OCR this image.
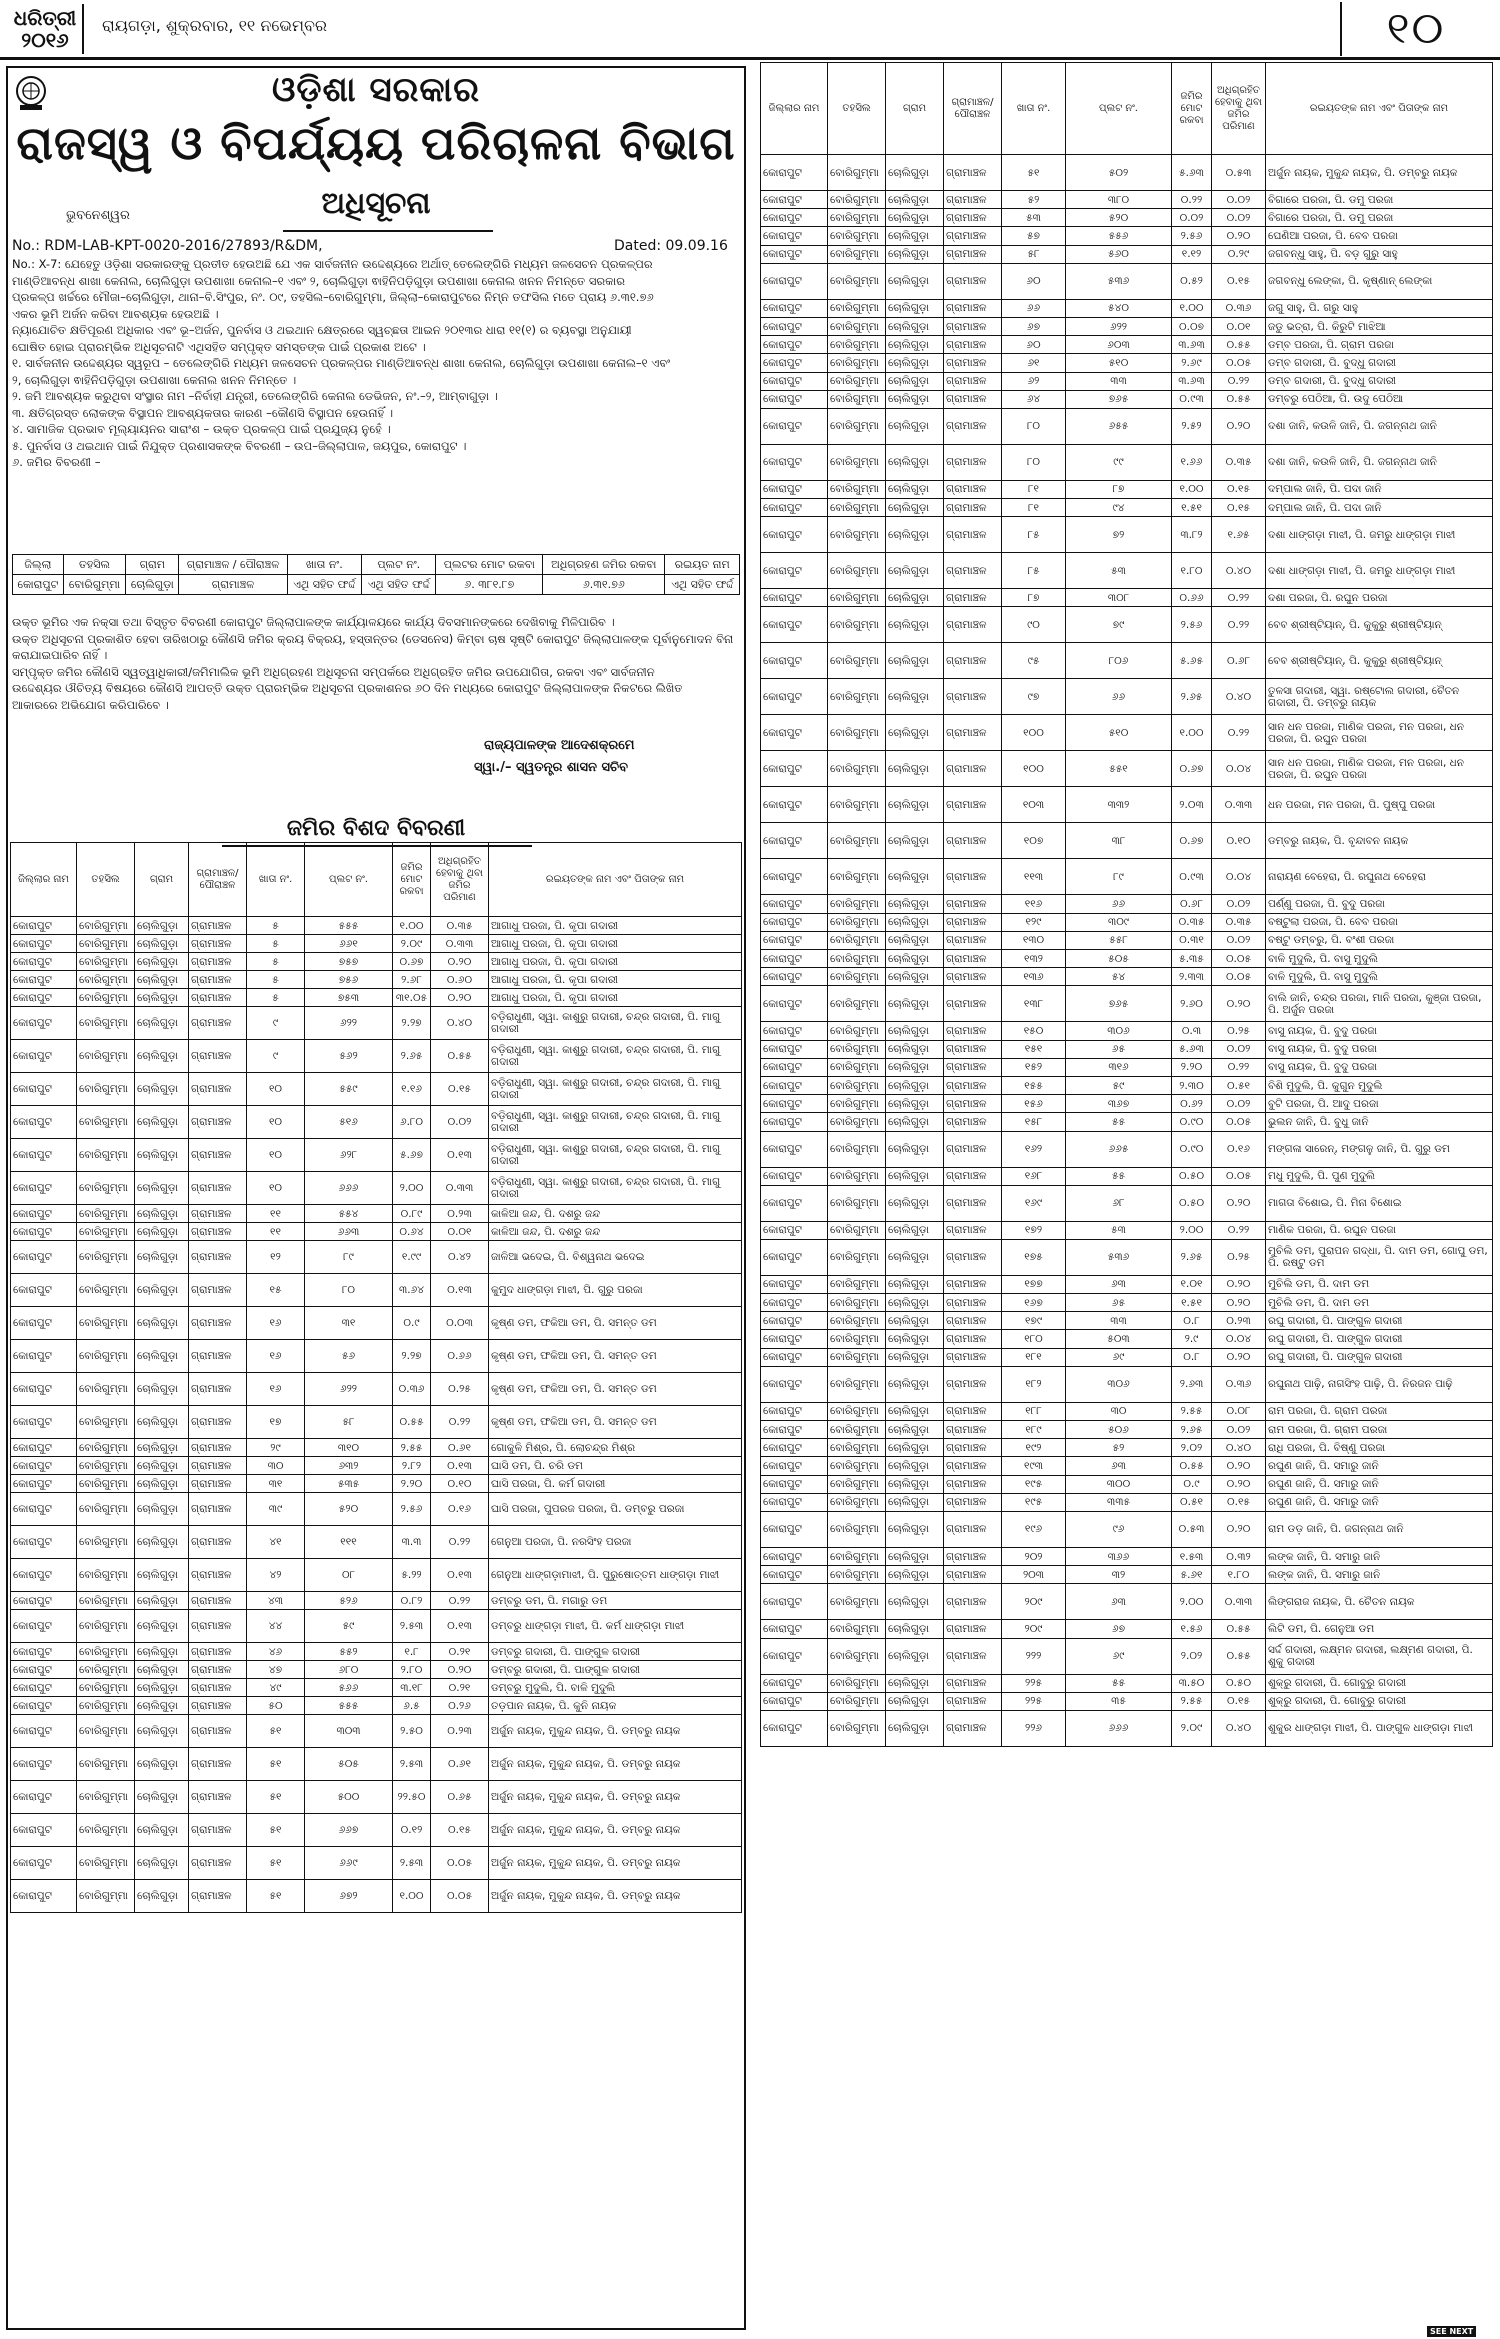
ଧରିତ୍ରୀ
୨୦୧୬
ରାୟଗଡ଼ା, ଶୁକ୍ରବାର, ୧୧ ନଭେମ୍ବର	୧୦
ଓଡ଼ିଶା ସରକାର
ରାଜସ୍ୱ ଓ ବିପର୍ଯ୍ୟୟ ପରିଚାଳନା ବିଭାଗ
ଭୁବନେଶ୍ୱର	ଅଧିସୂଚନା
No.: RDM-LAB-KPT-0020-2016/27893/R&DM,	Dated: 09.09.16

No.: X-7: ଯେହେତୁ ଓଡ଼ିଶା ସରକାରଙ୍କୁ ପ୍ରତୀତ ହେଉଅଛି ଯେ ଏକ ସାର୍ବଜନୀନ ଉଦ୍ଦେଶ୍ୟରେ ଅର୍ଥାତ୍ ତେଲେଙ୍ଗିରି ମଧ୍ୟମ ଜଳସେଚନ ପ୍ରକଳ୍ପର

ମାଣ୍ଡିଆବନ୍ଧ ଶାଖା କେନାଲ, ଚୋଲିଗୁଡ଼ା ଉପଶାଖା କେନାଲ–୧ ଏବଂ ୨, ଚୋଲିଗୁଡ଼ା ଵାହିନିପଡ଼ିଗୁଡ଼ା ଉପଶାଖା କେନାଲ ଖନନ ନିମନ୍ତେ ସରକାର

ପ୍ରକଳ୍ପ ଖର୍ଚ୍ଚରେ ମୌଜା–ଚୋଲିଗୁଡ଼ା, ଥାନା–ବି.ସିଂପୁର, ନଂ. ୦୯, ତହସିଲ–ବୋରିଗୁମ୍ମା, ଜିଲ୍ଲା–କୋରାପୁଟରେ ନିମ୍ନ ତଫସିଲ ମତେ ପ୍ରାୟ ୬.୩୧.୭୬

ଏକର ଭୂମି ଅର୍ଜନ କରିବା ଆବଶ୍ୟକ ହେଉଅଛି ।

ନ୍ୟାଯୋଚିତ କ୍ଷତିପୂରଣ ଅଧିକାର ଏବଂ ଭୂ–ଅର୍ଜନ, ପୁନର୍ବାସ ଓ ଥଇଥାନ କ୍ଷେତ୍ରରେ ସ୍ୱଚ୍ଛତା ଆଇନ ୨୦୧୩ର ଧାରା ୧୧(୧) ର ବ୍ୟବସ୍ଥା ଅନୁଯାୟୀ

ଘୋଷିତ ହୋଇ ପ୍ରାରମ୍ଭିକ ଅଧିସୂଚନାଟି ଏଥିସହିତ ସମ୍ପୃକ୍ତ ସମସ୍ତଙ୍କ ପାଇଁ ପ୍ରକାଶ ଅଟେ ।

୧. ସାର୍ବଜନୀନ ଉଦ୍ଦେଶ୍ୟର ସ୍ୱରୂପ – ତେଲେଙ୍ଗିରି ମଧ୍ୟମ ଜଳସେଚନ ପ୍ରକଳ୍ପର ମାଣ୍ଡିଆବନ୍ଧ ଶାଖା କେନାଲ, ଚୋଲିଗୁଡ଼ା ଉପଶାଖା କେନାଲ–୧ ଏବଂ

୨, ଚୋଲିଗୁଡ଼ା ଵାହିନିପଡ଼ିଗୁଡ଼ା ଉପଶାଖା କେନାଲ ଖନନ ନିମନ୍ତେ ।

୨. ଜମି ଆବଶ୍ୟକ କରୁଥିବା ସଂସ୍ଥାର ନାମ –ନିର୍ବାହୀ ଯନ୍ତ୍ରୀ, ତେଲେଙ୍ଗିରି କେନାଲ ଡେଭିଜନ, ନଂ.–୨, ଆମ୍ବାଗୁଡ଼ା ।

୩. କ୍ଷତିଗ୍ରସ୍ତ ଲୋକଙ୍କ ବିସ୍ଥାପନ ଆବଶ୍ୟକତାର କାରଣ –କୌଣସି ବିସ୍ଥାପନ ହେଉନାହିଁ ।

୪. ସାମାଜିକ ପ୍ରଭାବ ମୂଲ୍ୟାୟନର ସାରାଂଶ – ଉକ୍ତ ପ୍ରକଳ୍ପ ପାଇଁ ପ୍ରଯୁଜ୍ୟ ନୁହେଁ ।

୫. ପୁନର୍ବାସ ଓ ଥଇଥାନ ପାଇଁ ନିଯୁକ୍ତ ପ୍ରଶାସକଙ୍କ ବିବରଣୀ – ଉପ–ଜିଲ୍ଲାପାଳ, ଜୟପୁର, କୋରାପୁଟ ।

୬. ଜମିର ବିବରଣୀ –

ଜିଲ୍ଲା	ତହସିଲ	ଗ୍ରାମ	ଗ୍ରାମାଞ୍ଚଳ / ପୌରାଞ୍ଚଳ	ଖାତା ନଂ.	ପ୍ଲଟ ନଂ.	ପ୍ଲଟର ମୋଟ ରକବା	ଅଧିଗ୍ରହଣ ଜମିର ରକବା	ରଇୟତ ନାମ
କୋରାପୁଟ	ବୋରିଗୁମ୍ମା	ଚୋଲିଗୁଡ଼ା	ଗ୍ରାମାଞ୍ଚଳ	ଏଥି ସହିତ ଫର୍ଦ୍ଦ	ଏଥି ସହିତ ଫର୍ଦ୍ଦ	୬. ୩୮୧.୮୭	୬.୩୧.୭୬	ଏଥି ସହିତ ଫର୍ଦ୍ଦ

ଉକ୍ତ ଭୂମିର ଏକ ନକ୍ସା ତଥା ବିସ୍ତୃତ ବିବରଣୀ କୋରାପୁଟ ଜିଲ୍ଲାପାଳଙ୍କ କାର୍ଯ୍ୟାଳୟରେ କାର୍ଯ୍ୟ ଦିବସମାନଙ୍କରେ ଦେଖିବାକୁ ମିଳିପାରିବ ।

ଉକ୍ତ ଅଧିସୂଚନା ପ୍ରକାଶିତ ହେବା ତାରିଖଠାରୁ କୌଣସି ଜମିର କ୍ରୟ ବିକ୍ରୟ, ହସ୍ତାନ୍ତର (ଡେସନେସ) କିମ୍ବା ଚାଷ ସୃଷ୍ଟି କୋରାପୁଟ ଜିଲ୍ଲାପାଳଙ୍କ ପୂର୍ବାନୁମୋଦନ ବିନା

କରାଯାଇପାରିବ ନାହିଁ ।

ସମ୍ପୃକ୍ତ ଜମିର କୌଣସି ସ୍ୱତ୍ୱାଧିକାରୀ/ଜମିମାଲିକ ଭୂମି ଅଧିଗ୍ରହଣ ଅଧିସୂଚନା ସମ୍ପର୍କରେ ଅଧିଗ୍ରହିତ ଜମିର ଉପଯୋଗିତା, ରକବା ଏବଂ ସାର୍ବଜନୀନ

ଉଦ୍ଦେଶ୍ୟର ଔଚିତ୍ୟ ବିଷୟରେ କୌଣସି ଆପତ୍ତି ଉକ୍ତ ପ୍ରାରମ୍ଭିକ ଅଧିସୂଚନା ପ୍ରକାଶନର ୬୦ ଦିନ ମଧ୍ୟରେ କୋରାପୁଟ ଜିଲ୍ଲାପାଳଙ୍କ ନିକଟରେ ଲିଖିତ

ଆକାରରେ ଅଭିଯୋଗ କରିପାରିବେ ।

ରାଜ୍ୟପାଳଙ୍କ ଆଦେଶକ୍ରମେ
ସ୍ୱା./– ସ୍ୱତନ୍ତ୍ର ଶାସନ ସଚିବ
ଜମିର ବିଶଦ ବିବରଣୀ
ଜିଲ୍ଲାର ନାମ	ତହସିଲ	ଗ୍ରାମ	ଗ୍ରାମାଞ୍ଚଳ/ ପୌରାଞ୍ଚଳ	ଖାତା ନଂ.	ପ୍ଲଟ ନଂ.	ଜମିର ମୋଟ ରକବା	ଅଧିଗ୍ରହିତ ହେବାକୁ ଥିବା ଜମିର ପରିମାଣ	ରଇୟତଙ୍କ ନାମ ଏବଂ ପିତାଙ୍କ ନାମ
କୋରାପୁଟ	ବୋରିଗୁମ୍ମା	ଚୋଲିଗୁଡ଼ା	ଗ୍ରାମାଞ୍ଚଳ	୫	୫୫୫	୧.୦୦	୦.୩୫	ଆଗାଧୁ ପରଜା, ପି. କୃପା ଗଦାରୀ
କୋରାପୁଟ	ବୋରିଗୁମ୍ମା	ଚୋଲିଗୁଡ଼ା	ଗ୍ରାମାଞ୍ଚଳ	୫	୬୬୧	୨.୦୯	୦.୩୩	ଆଗାଧୁ ପରଜା, ପି. କୃପା ଗଦାରୀ
କୋରାପୁଟ	ବୋରିଗୁମ୍ମା	ଚୋଲିଗୁଡ଼ା	ଗ୍ରାମାଞ୍ଚଳ	୫	୭୫୭	୦.୬୭	୦.୨୦	ଆଗାଧୁ ପରଜା, ପି. କୃପା ଗଦାରୀ
କୋରାପୁଟ	ବୋରିଗୁମ୍ମା	ଚୋଲିଗୁଡ଼ା	ଗ୍ରାମାଞ୍ଚଳ	୫	୭୫୬	୨.୬୮	୦.୬୦	ଆଗାଧୁ ପରଜା, ପି. କୃପା ଗଦାରୀ
କୋରାପୁଟ	ବୋରିଗୁମ୍ମା	ଚୋଲିଗୁଡ଼ା	ଗ୍ରାମାଞ୍ଚଳ	୫	୭୫୩	୩୧.୦୫	୦.୨୦	ଆଗାଧୁ ପରଜା, ପି. କୃପା ଗଦାରୀ
କୋରାପୁଟ	ବୋରିଗୁମ୍ମା	ଚୋଲିଗୁଡ଼ା	ଗ୍ରାମାଞ୍ଚଳ	୯	୬୨୨	୨.୨୭	୦.୪୦	ବଡ଼ିରାଧୁଣୀ, ସ୍ୱା. କାଶୁରୁ ଗଦାରୀ, ଚନ୍ଦ୍ର ଗଦାରୀ, ପି. ମାଗୁ ଗଦାରୀ
କୋରାପୁଟ	ବୋରିଗୁମ୍ମା	ଚୋଲିଗୁଡ଼ା	ଗ୍ରାମାଞ୍ଚଳ	୯	୫୬୨	୨.୬୫	୦.୫୫	ବଡ଼ିରାଧୁଣୀ, ସ୍ୱା. କାଶୁରୁ ଗଦାରୀ, ଚନ୍ଦ୍ର ଗଦାରୀ, ପି. ମାଗୁ ଗଦାରୀ
କୋରାପୁଟ	ବୋରିଗୁମ୍ମା	ଚୋଲିଗୁଡ଼ା	ଗ୍ରାମାଞ୍ଚଳ	୧୦	୫୫୯	୧.୧୬	୦.୧୫	ବଡ଼ିରାଧୁଣୀ, ସ୍ୱା. କାଶୁରୁ ଗଦାରୀ, ଚନ୍ଦ୍ର ଗଦାରୀ, ପି. ମାଗୁ ଗଦାରୀ
କୋରାପୁଟ	ବୋରିଗୁମ୍ମା	ଚୋଲିଗୁଡ଼ା	ଗ୍ରାମାଞ୍ଚଳ	୧୦	୫୧୬	୬.୮୦	୦.୦୨	ବଡ଼ିରାଧୁଣୀ, ସ୍ୱା. କାଶୁରୁ ଗଦାରୀ, ଚନ୍ଦ୍ର ଗଦାରୀ, ପି. ମାଗୁ ଗଦାରୀ
କୋରାପୁଟ	ବୋରିଗୁମ୍ମା	ଚୋଲିଗୁଡ଼ା	ଗ୍ରାମାଞ୍ଚଳ	୧୦	୬୨୮	୫.୬୭	୦.୧୩	ବଡ଼ିରାଧୁଣୀ, ସ୍ୱା. କାଶୁରୁ ଗଦାରୀ, ଚନ୍ଦ୍ର ଗଦାରୀ, ପି. ମାଗୁ ଗଦାରୀ
କୋରାପୁଟ	ବୋରିଗୁମ୍ମା	ଚୋଲିଗୁଡ଼ା	ଗ୍ରାମାଞ୍ଚଳ	୧୦	୬୬୬	୨.୦୦	୦.୩୩	ବଡ଼ିରାଧୁଣୀ, ସ୍ୱା. କାଶୁରୁ ଗଦାରୀ, ଚନ୍ଦ୍ର ଗଦାରୀ, ପି. ମାଗୁ ଗଦାରୀ
କୋରାପୁଟ	ବୋରିଗୁମ୍ମା	ଚୋଲିଗୁଡ଼ା	ଗ୍ରାମାଞ୍ଚଳ	୧୧	୫୫୪	୦.୮୯	୦.୨୩	କାଳିଆ ଜନ୍ଦ, ପି. ଦଶରୁ ଜନ୍ଦ
କୋରାପୁଟ	ବୋରିଗୁମ୍ମା	ଚୋଲିଗୁଡ଼ା	ଗ୍ରାମାଞ୍ଚଳ	୧୧	୬୬୩	୦.୬୪	୦.୦୧	କାଳିଆ ଜନ୍ଦ, ପି. ଦଶରୁ ଜନ୍ଦ
କୋରାପୁଟ	ବୋରିଗୁମ୍ମା	ଚୋଲିଗୁଡ଼ା	ଗ୍ରାମାଞ୍ଚଳ	୧୨	୮୯	୧.୯୯	୦.୪୨	ଜାଳିଆ ଭଦେଇ, ପି. ବିଶ୍ୱନାଥ ଭଦେଇ
କୋରାପୁଟ	ବୋରିଗୁମ୍ମା	ଚୋଲିଗୁଡ଼ା	ଗ୍ରାମାଞ୍ଚଳ	୧୫	୮୦	୩.୬୪	୦.୧୩	କୁମୁଦ ଧାଙ୍ଗଡ଼ା ମାଝୀ, ପି. ଗୁରୁ ପରଜା
କୋରାପୁଟ	ବୋରିଗୁମ୍ମା	ଚୋଲିଗୁଡ଼ା	ଗ୍ରାମାଞ୍ଚଳ	୧୬	୩୧	୦.୯	୦.୦୩	କୃଷ୍ଣ ଡମ, ଫକିଆ ଡମ, ପି. ସମନ୍ତ ଡମ
କୋରାପୁଟ	ବୋରିଗୁମ୍ମା	ଚୋଲିଗୁଡ଼ା	ଗ୍ରାମାଞ୍ଚଳ	୧୬	୫୬	୨.୨୭	୦.୬୬	କୃଷ୍ଣ ଡମ, ଫକିଆ ଡମ, ପି. ସମନ୍ତ ଡମ
କୋରାପୁଟ	ବୋରିଗୁମ୍ମା	ଚୋଲିଗୁଡ଼ା	ଗ୍ରାମାଞ୍ଚଳ	୧୬	୬୨୨	୦.୩୬	୦.୨୫	କୃଷ୍ଣ ଡମ, ଫକିଆ ଡମ, ପି. ସମନ୍ତ ଡମ
କୋରାପୁଟ	ବୋରିଗୁମ୍ମା	ଚୋଲିଗୁଡ଼ା	ଗ୍ରାମାଞ୍ଚଳ	୧୭	୫୮	୦.୫୫	୦.୨୨	କୃଷ୍ଣ ଡମ, ଫକିଆ ଡମ, ପି. ସମନ୍ତ ଡମ
କୋରାପୁଟ	ବୋରିଗୁମ୍ମା	ଚୋଲିଗୁଡ଼ା	ଗ୍ରାମାଞ୍ଚଳ	୨୯	୩୧୦	୨.୫୫	୦.୬୧	ଗୋକୁଳି ମିଶ୍ର, ପି. ଲୋଚନ୍ଦ୍ର ମିଶ୍ର
କୋରାପୁଟ	ବୋରିଗୁମ୍ମା	ଚୋଲିଗୁଡ଼ା	ଗ୍ରାମାଞ୍ଚଳ	୩୦	୬୩୨	୨.୮୨	୦.୧୩	ଘାସି ଡମ, ପି. ଚରି ଡମ
କୋରାପୁଟ	ବୋରିଗୁମ୍ମା	ଚୋଲିଗୁଡ଼ା	ଗ୍ରାମାଞ୍ଚଳ	୩୧	୫୩୫	୨.୨୦	୦.୧୦	ଘାସି ପରଜା, ପି. କର୍ମ ଗଦାରୀ
କୋରାପୁଟ	ବୋରିଗୁମ୍ମା	ଚୋଲିଗୁଡ଼ା	ଗ୍ରାମାଞ୍ଚଳ	୩୯	୫୨୦	୨.୫୬	୦.୧୬	ଘାସି ପରଜା, ପୁପରଜ ପରଜା, ପି. ଡମ୍ବରୁ ପରଜା
କୋରାପୁଟ	ବୋରିଗୁମ୍ମା	ଚୋଲିଗୁଡ଼ା	ଗ୍ରାମାଞ୍ଚଳ	୪୧	୧୧୧	୩.୩	୦.୨୨	ଗେନୁଆ ପରଜା, ପି. ନରସିଂହ ପରଜା
କୋରାପୁଟ	ବୋରିଗୁମ୍ମା	ଚୋଲିଗୁଡ଼ା	ଗ୍ରାମାଞ୍ଚଳ	୪୨	୦୮	୫.୨୨	୦.୧୩	ଗେନୁଆ ଧାଙ୍ଗଡ଼ାମାଝୀ, ପି. ପୁରୁଷୋତ୍ତମ ଧାଙ୍ଗଡ଼ା ମାଝୀ
କୋରାପୁଟ	ବୋରିଗୁମ୍ମା	ଚୋଲିଗୁଡ଼ା	ଗ୍ରାମାଞ୍ଚଳ	୪୩	୫୨୬	୦.୮୨	୦.୨୨	ଡମ୍ବରୁ ଡମ, ପି. ମଗାରୁ ଡମ
କୋରାପୁଟ	ବୋରିଗୁମ୍ମା	ଚୋଲିଗୁଡ଼ା	ଗ୍ରାମାଞ୍ଚଳ	୪୪	୫୯	୨.୫୩	୦.୧୩	ଡମ୍ବରୁ ଧାଙ୍ଗଡ଼ା ମାଝୀ, ପି. କର୍ମ ଧାଙ୍ଗଡ଼ା ମାଝୀ
କୋରାପୁଟ	ବୋରିଗୁମ୍ମା	ଚୋଲିଗୁଡ଼ା	ଗ୍ରାମାଞ୍ଚଳ	୪୬	୫୫୨	୧.୮	୦.୨୧	ଡମ୍ବରୁ ଗଦାରୀ, ପି. ପାଙ୍ଗୁଳ ଗଦାରୀ
କୋରାପୁଟ	ବୋରିଗୁମ୍ମା	ଚୋଲିଗୁଡ଼ା	ଗ୍ରାମାଞ୍ଚଳ	୪୭	୬୮୦	୨.୮୦	୦.୨୦	ଡମ୍ବରୁ ଗଦାରୀ, ପି. ପାଙ୍ଗୁଳ ଗଦାରୀ
କୋରାପୁଟ	ବୋରିଗୁମ୍ମା	ଚୋଲିଗୁଡ଼ା	ଗ୍ରାମାଞ୍ଚଳ	୪୯	୫୬୬	୩.୧୮	୦.୨୧	ଡମ୍ବରୁ ମୁଦୁଲି, ପି. ବାଳି ମୁଦୁଲି
କୋରାପୁଟ	ବୋରିଗୁମ୍ମା	ଚୋଲିଗୁଡ଼ା	ଗ୍ରାମାଞ୍ଚଳ	୫୦	୫୫୫	୬.୫	୦.୨୬	ତଡ଼ପାନ ନାୟକ, ପି. କୁନି ନାୟକ
କୋରାପୁଟ	ବୋରିଗୁମ୍ମା	ଚୋଲିଗୁଡ଼ା	ଗ୍ରାମାଞ୍ଚଳ	୫୧	୩୦୩	୨.୫୦	୦.୨୩	ଅର୍ଜୁନ ନାୟକ, ମୁକୁନ୍ଦ ନାୟକ, ପି. ଡମ୍ବରୁ ନାୟକ
କୋରାପୁଟ	ବୋରିଗୁମ୍ମା	ଚୋଲିଗୁଡ଼ା	ଗ୍ରାମାଞ୍ଚଳ	୫୧	୫୦୫	୨.୫୩	୦.୬୧	ଅର୍ଜୁନ ନାୟକ, ମୁକୁନ୍ଦ ନାୟକ, ପି. ଡମ୍ବରୁ ନାୟକ
କୋରାପୁଟ	ବୋରିଗୁମ୍ମା	ଚୋଲିଗୁଡ଼ା	ଗ୍ରାମାଞ୍ଚଳ	୫୧	୫୦୦	୨୨.୫୦	୦.୬୫	ଅର୍ଜୁନ ନାୟକ, ମୁକୁନ୍ଦ ନାୟକ, ପି. ଡମ୍ବରୁ ନାୟକ
କୋରାପୁଟ	ବୋରିଗୁମ୍ମା	ଚୋଲିଗୁଡ଼ା	ଗ୍ରାମାଞ୍ଚଳ	୫୧	୬୬୭	୦.୧୨	୦.୧୫	ଅର୍ଜୁନ ନାୟକ, ମୁକୁନ୍ଦ ନାୟକ, ପି. ଡମ୍ବରୁ ନାୟକ
କୋରାପୁଟ	ବୋରିଗୁମ୍ମା	ଚୋଲିଗୁଡ଼ା	ଗ୍ରାମାଞ୍ଚଳ	୫୧	୬୬୯	୨.୫୩	୦.୦୫	ଅର୍ଜୁନ ନାୟକ, ମୁକୁନ୍ଦ ନାୟକ, ପି. ଡମ୍ବରୁ ନାୟକ
କୋରାପୁଟ	ବୋରିଗୁମ୍ମା	ଚୋଲିଗୁଡ଼ା	ଗ୍ରାମାଞ୍ଚଳ	୫୧	୬୭୨	୧.୦୦	୦.୦୫	ଅର୍ଜୁନ ନାୟକ, ମୁକୁନ୍ଦ ନାୟକ, ପି. ଡମ୍ବରୁ ନାୟକ
ଜିଲ୍ଲାର ନାମ	ତହସିଲ	ଗ୍ରାମ	ଗ୍ରାମାଞ୍ଚଳ/ ପୌରାଞ୍ଚଳ	ଖାତା ନଂ.	ପ୍ଲଟ ନଂ.	ଜମିର ମୋଟ ରକବା	ଅଧିଗ୍ରହିତ ହେବାକୁ ଥିବା ଜମିର ପରିମାଣ	ରଇୟତଙ୍କ ନାମ ଏବଂ ପିତାଙ୍କ ନାମ
କୋରାପୁଟ	ବୋରିଗୁମ୍ମା	ଚୋଲିଗୁଡ଼ା	ଗ୍ରାମାଞ୍ଚଳ	୫୧	୫୦୨	୫.୬୩	୦.୫୩	ଅର୍ଜୁନ ନାୟକ, ମୁକୁନ୍ଦ ନାୟକ, ପି. ଡମ୍ବରୁ ନାୟକ
କୋରାପୁଟ	ବୋରିଗୁମ୍ମା	ଚୋଲିଗୁଡ଼ା	ଗ୍ରାମାଞ୍ଚଳ	୫୨	୩୮୦	୦.୨୨	୦.୦୨	ବିଗାରେ ପରଜା, ପି. ଡମୁ ପରଜା
କୋରାପୁଟ	ବୋରିଗୁମ୍ମା	ଚୋଲିଗୁଡ଼ା	ଗ୍ରାମାଞ୍ଚଳ	୫୩	୫୨୦	୦.୦୨	୦.୦୨	ବିଗାରେ ପରଜା, ପି. ଡମୁ ପରଜା
କୋରାପୁଟ	ବୋରିଗୁମ୍ମା	ଚୋଲିଗୁଡ଼ା	ଗ୍ରାମାଞ୍ଚଳ	୫୭	୫୫୬	୨.୫୬	୦.୨୦	ଘେଣିଆ ପରଜା, ପି. ବେବ ପରଜା
କୋରାପୁଟ	ବୋରିଗୁମ୍ମା	ଚୋଲିଗୁଡ଼ା	ଗ୍ରାମାଞ୍ଚଳ	୫୮	୫୬୦	୧.୧୨	୦.୨୯	ଜଗବନ୍ଧୁ ସାହୁ, ପି. ବଡ଼ ଗୁରୁ ସାହୁ
କୋରାପୁଟ	ବୋରିଗୁମ୍ମା	ଚୋଲିଗୁଡ଼ା	ଗ୍ରାମାଞ୍ଚଳ	୬୦	୫୩୬	୦.୫୨	୦.୧୫	ଜଗବନ୍ଧୁ ଲେଙ୍କା, ପି. କୃଷ୍ଣାନ୍ ଲେଙ୍କା
କୋରାପୁଟ	ବୋରିଗୁମ୍ମା	ଚୋଲିଗୁଡ଼ା	ଗ୍ରାମାଞ୍ଚଳ	୬୬	୫୪୦	୧.୦୦	୦.୩୬	ଜଗୁ ସାହୁ, ପି. ଗରୁ ସାହୁ
କୋରାପୁଟ	ବୋରିଗୁମ୍ମା	ଚୋଲିଗୁଡ଼ା	ଗ୍ରାମାଞ୍ଚଳ	୬୭	୬୨୨	୦.୦୭	୦.୦୧	ଜଡୁ ଭତ୍ରା, ପି. କିରୁଟି ମାଝିଆ
କୋରାପୁଟ	ବୋରିଗୁମ୍ମା	ଚୋଲିଗୁଡ଼ା	ଗ୍ରାମାଞ୍ଚଳ	୬୦	୬୦୩	୩.୬୩	୦.୫୫	ଡମ୍ବ ପରଜା, ପି. ଗ୍ରାମ ପରଜା
କୋରାପୁଟ	ବୋରିଗୁମ୍ମା	ଚୋଲିଗୁଡ଼ା	ଗ୍ରାମାଞ୍ଚଳ	୬୧	୫୧୦	୨.୬୯	୦.୦୫	ଡମ୍ବ ଗଦାରୀ, ପି. ବୁଦ୍ଧୁ ଗଦାରୀ
କୋରାପୁଟ	ବୋରିଗୁମ୍ମା	ଚୋଲିଗୁଡ଼ା	ଗ୍ରାମାଞ୍ଚଳ	୬୨	୩୩	୩.୬୩	୦.୨୨	ଡମ୍ବ ଗଦାରୀ, ପି. ବୁଦ୍ଧୁ ଗଦାରୀ
କୋରାପୁଟ	ବୋରିଗୁମ୍ମା	ଚୋଲିଗୁଡ଼ା	ଗ୍ରାମାଞ୍ଚଳ	୬୪	୭୬୫	୦.୯୩	୦.୫୫	ଡମ୍ବରୁ ପେଠିଆ, ପି. ଉଦୁ ପେଠିଆ
କୋରାପୁଟ	ବୋରିଗୁମ୍ମା	ଚୋଲିଗୁଡ଼ା	ଗ୍ରାମାଞ୍ଚଳ	୮୦	୬୫୫	୨.୫୨	୦.୨୦	ଦଶା ଜାନି, କଉଳି ଜାନି, ପି. ଜଗନ୍ନାଥ ଜାନି
କୋରାପୁଟ	ବୋରିଗୁମ୍ମା	ଚୋଲିଗୁଡ଼ା	ଗ୍ରାମାଞ୍ଚଳ	୮୦	୯୯	୧.୬୬	୦.୩୫	ଦଶା ଜାନି, କଉଳି ଜାନି, ପି. ଜଗନ୍ନାଥ ଜାନି
କୋରାପୁଟ	ବୋରିଗୁମ୍ମା	ଚୋଲିଗୁଡ଼ା	ଗ୍ରାମାଞ୍ଚଳ	୮୧	୮୭	୧.୦୦	୦.୧୫	ଦମ୍ପାଲ ଜାନି, ପି. ପଦା ଜାନି
କୋରାପୁଟ	ବୋରିଗୁମ୍ମା	ଚୋଲିଗୁଡ଼ା	ଗ୍ରାମାଞ୍ଚଳ	୮୧	୯୪	୧.୫୧	୦.୧୫	ଦମ୍ପାଲ ଜାନି, ପି. ପଦା ଜାନି
କୋରାପୁଟ	ବୋରିଗୁମ୍ମା	ଚୋଲିଗୁଡ଼ା	ଗ୍ରାମାଞ୍ଚଳ	୮୫	୭୨	୩.୮୨	୧.୬୫	ଦଶା ଧାଙ୍ଗଡ଼ା ମାଝୀ, ପି. ଜମରୁ ଧାଙ୍ଗଡ଼ା ମାଝୀ
କୋରାପୁଟ	ବୋରିଗୁମ୍ମା	ଚୋଲିଗୁଡ଼ା	ଗ୍ରାମାଞ୍ଚଳ	୮୫	୫୩	୧.୮୦	୦.୪୦	ଦଶା ଧାଙ୍ଗଡ଼ା ମାଝୀ, ପି. ଜମରୁ ଧାଙ୍ଗଡ଼ା ମାଝୀ
କୋରାପୁଟ	ବୋରିଗୁମ୍ମା	ଚୋଲିଗୁଡ଼ା	ଗ୍ରାମାଞ୍ଚଳ	୮୭	୩୦୮	୦.୬୬	୦.୨୨	ଦଶା ପରଜା, ପି. ରଘୁନ ପରଜା
କୋରାପୁଟ	ବୋରିଗୁମ୍ମା	ଚୋଲିଗୁଡ଼ା	ଗ୍ରାମାଞ୍ଚଳ	୯୦	୭୯	୨.୫୬	୦.୨୨	ବେବ ଶ୍ରୀଷ୍ଟିୟାନ୍, ପି. କୁକୁରୁ ଶ୍ରୀଷ୍ଟିୟାନ୍
କୋରାପୁଟ	ବୋରିଗୁମ୍ମା	ଚୋଲିଗୁଡ଼ା	ଗ୍ରାମାଞ୍ଚଳ	୯୫	୮୦୬	୫.୬୫	୦.୬୮	ବେବ ଶ୍ରୀଷ୍ଟିୟାନ୍, ପି. କୁକୁରୁ ଶ୍ରୀଷ୍ଟିୟାନ୍
କୋରାପୁଟ	ବୋରିଗୁମ୍ମା	ଚୋଲିଗୁଡ଼ା	ଗ୍ରାମାଞ୍ଚଳ	୯୭	୬୬	୨.୬୫	୦.୪୦	ତୁଳସା ଗଦାରୀ, ସ୍ୱା. ରଷ୍ଟୋଲ ଗଦାରୀ, ଚୈତନ ଗଦାରୀ, ପି. ଡମ୍ବରୁ ନାୟକ
କୋରାପୁଟ	ବୋରିଗୁମ୍ମା	ଚୋଲିଗୁଡ଼ା	ଗ୍ରାମାଞ୍ଚଳ	୧୦୦	୫୧୦	୧.୦୦	୦.୨୨	ସାନ ଧନ ପରଜା, ମାଣିକ ପରଜା, ମନ ପରଜା, ଧନ ପରଜା, ପି. ରଘୁନ ପରଜା
କୋରାପୁଟ	ବୋରିଗୁମ୍ମା	ଚୋଲିଗୁଡ଼ା	ଗ୍ରାମାଞ୍ଚଳ	୧୦୦	୫୫୧	୦.୬୭	୦.୦୪	ସାନ ଧନ ପରଜା, ମାଣିକ ପରଜା, ମନ ପରଜା, ଧନ ପରଜା, ପି. ରଘୁନ ପରଜା
କୋରାପୁଟ	ବୋରିଗୁମ୍ମା	ଚୋଲିଗୁଡ଼ା	ଗ୍ରାମାଞ୍ଚଳ	୧୦୩	୩୩୨	୨.୦୩	୦.୩୩	ଧନ ପରଜା, ମନ ପରଜା, ପି. ପୁଷ୍ପୁ ପରଜା
କୋରାପୁଟ	ବୋରିଗୁମ୍ମା	ଚୋଲିଗୁଡ଼ା	ଗ୍ରାମାଞ୍ଚଳ	୧୦୭	୩୮	୦.୬୭	୦.୧୦	ଡମ୍ବରୁ ନାୟକ, ପି. ବୃନ୍ଦାବନ ନାୟକ
କୋରାପୁଟ	ବୋରିଗୁମ୍ମା	ଚୋଲିଗୁଡ଼ା	ଗ୍ରାମାଞ୍ଚଳ	୧୧୩	୮୯	୦.୯୩	୦.୦୪	ନାରାୟଣ ବେହେରା, ପି. ରଘୁନାଥ ବେହେରା
କୋରାପୁଟ	ବୋରିଗୁମ୍ମା	ଚୋଲିଗୁଡ଼ା	ଗ୍ରାମାଞ୍ଚଳ	୧୧୬	୬୬	୦.୬୮	୦.୦୨	ପର୍ଣ୍ଣୁ ପରଜା, ପି. ବୁଦୁ ପରଜା
କୋରାପୁଟ	ବୋରିଗୁମ୍ମା	ଚୋଲିଗୁଡ଼ା	ଗ୍ରାମାଞ୍ଚଳ	୧୨୯	୩୦୯	୦.୩୫	୦.୩୫	ବଷ୍ଟୁଲା ପରଜା, ପି. ବେବ ପରଜା
କୋରାପୁଟ	ବୋରିଗୁମ୍ମା	ଚୋଲିଗୁଡ଼ା	ଗ୍ରାମାଞ୍ଚଳ	୧୩୦	୫୫୮	୦.୩୧	୦.୦୨	ବଷ୍ଟୁ ଡମ୍ବରୁ, ପି. ବଂଶୀ ପରଜା
କୋରାପୁଟ	ବୋରିଗୁମ୍ମା	ଚୋଲିଗୁଡ଼ା	ଗ୍ରାମାଞ୍ଚଳ	୧୩୨	୫୦୫	୫.୩୫	୦.୦୫	ବାଳି ମୁଦୁଲି, ପି. ବାସୁ ମୁଦୁଲି
କୋରାପୁଟ	ବୋରିଗୁମ୍ମା	ଚୋଲିଗୁଡ଼ା	ଗ୍ରାମାଞ୍ଚଳ	୧୩୬	୫୪	୨.୩୩	୦.୦୫	ବାଳି ମୁଦୁଲି, ପି. ବାସୁ ମୁଦୁଲି
କୋରାପୁଟ	ବୋରିଗୁମ୍ମା	ଚୋଲିଗୁଡ଼ା	ଗ୍ରାମାଞ୍ଚଳ	୧୩୮	୭୬୫	୨.୬୦	୦.୨୦	ବାଲି ଜାନି, ଚନ୍ଦ୍ର ପରଜା, ମାନି ପରଜା, କୁଞ୍ଜା ପରଜା, ପି. ଅର୍ଜୁନ ପରଜା
କୋରାପୁଟ	ବୋରିଗୁମ୍ମା	ଚୋଲିଗୁଡ଼ା	ଗ୍ରାମାଞ୍ଚଳ	୧୫୦	୩୦୬	୦.୩	୦.୨୫	ବାସୁ ନାୟକ, ପି. ବୁଦୁ ପରଜା
କୋରାପୁଟ	ବୋରିଗୁମ୍ମା	ଚୋଲିଗୁଡ଼ା	ଗ୍ରାମାଞ୍ଚଳ	୧୫୧	୬୫	୫.୬୩	୦.୦୨	ବାସୁ ନାୟକ, ପି. ବୁଦୁ ପରଜା
କୋରାପୁଟ	ବୋରିଗୁମ୍ମା	ଚୋଲିଗୁଡ଼ା	ଗ୍ରାମାଞ୍ଚଳ	୧୫୨	୩୧୬	୨.୨୦	୦.୨୨	ବାସୁ ନାୟକ, ପି. ବୁଦୁ ପରଜା
କୋରାପୁଟ	ବୋରିଗୁମ୍ମା	ଚୋଲିଗୁଡ଼ା	ଗ୍ରାମାଞ୍ଚଳ	୧୫୫	୫୯	୨.୩୦	୦.୫୧	ବିଶି ମୁଦୁଲି, ପି. କୁଗୁନ ମୁଦୁଲି
କୋରାପୁଟ	ବୋରିଗୁମ୍ମା	ଚୋଲିଗୁଡ଼ା	ଗ୍ରାମାଞ୍ଚଳ	୧୫୬	୩୬୭	୦.୬୨	୦.୦୨	ବୁଟି ପରଜା, ପି. ଆଦୁ ପରଜା
କୋରାପୁଟ	ବୋରିଗୁମ୍ମା	ଚୋଲିଗୁଡ଼ା	ଗ୍ରାମାଞ୍ଚଳ	୧୫୮	୫୫	୦.୯୦	୦.୦୫	ଭୁଲନ ଜାନି, ପି. ବୁଧୁ ଜାନି
କୋରାପୁଟ	ବୋରିଗୁମ୍ମା	ଚୋଲିଗୁଡ଼ା	ଗ୍ରାମାଞ୍ଚଳ	୧୬୨	୬୬୫	୦.୯୦	୦.୧୬	ମଙ୍ଗଳା ସାରେନ୍, ମଙ୍ଗଳୁ ଜାନି, ପି. ଗୁରୁ ଡମ
କୋରାପୁଟ	ବୋରିଗୁମ୍ମା	ଚୋଲିଗୁଡ଼ା	ଗ୍ରାମାଞ୍ଚଳ	୧୬୮	୫୫	୦.୫୦	୦.୦୫	ମଧୁ ମୁଦୁଲି, ପି. ପୁଣ ମୁଦୁଲି
କୋରାପୁଟ	ବୋରିଗୁମ୍ମା	ଚୋଲିଗୁଡ଼ା	ଗ୍ରାମାଞ୍ଚଳ	୧୬୯	୬୮	୦.୫୦	୦.୨୦	ମାଗତା ବିଶୋଇ, ପି. ମିନା ବିଶୋଇ
କୋରାପୁଟ	ବୋରିଗୁମ୍ମା	ଚୋଲିଗୁଡ଼ା	ଗ୍ରାମାଞ୍ଚଳ	୧୭୨	୫୩	୨.୦୦	୦.୨୨	ମାଣିକ ପରଜା, ପି. ରଘୁନ ପରଜା
କୋରାପୁଟ	ବୋରିଗୁମ୍ମା	ଚୋଲିଗୁଡ଼ା	ଗ୍ରାମାଞ୍ଚଳ	୧୭୫	୫୩୬	୨.୬୫	୦.୨୫	ମୁଚିଲି ଡମ, ପୁରାପନ ଗଦ୍ଧା, ପି. ଦାମ ଡମ, ଗୋପୁ ଡମ, ପି. ରଷ୍ଟୁ ଡମ
କୋରାପୁଟ	ବୋରିଗୁମ୍ମା	ଚୋଲିଗୁଡ଼ା	ଗ୍ରାମାଞ୍ଚଳ	୧୭୭	୬୩	୧.୦୧	୦.୨୦	ମୁଚିଲି ଡମ, ପି. ଦାମ ଡମ
କୋରାପୁଟ	ବୋରିଗୁମ୍ମା	ଚୋଲିଗୁଡ଼ା	ଗ୍ରାମାଞ୍ଚଳ	୧୬୭	୬୫	୧.୫୧	୦.୨୦	ମୁଚିଲି ଡମ, ପି. ଦାମ ଡମ
କୋରାପୁଟ	ବୋରିଗୁମ୍ମା	ଚୋଲିଗୁଡ଼ା	ଗ୍ରାମାଞ୍ଚଳ	୧୭୯	୩୩	୦.୮	୦.୨୩	ରଘୁ ଗଦାରୀ, ପି. ପାଙ୍ଗୁଳ ଗଦାରୀ
କୋରାପୁଟ	ବୋରିଗୁମ୍ମା	ଚୋଲିଗୁଡ଼ା	ଗ୍ରାମାଞ୍ଚଳ	୧୮୦	୫୦୩	୨.୯	୦.୦୪	ରଘୁ ଗଦାରୀ, ପି. ପାଙ୍ଗୁଳ ଗଦାରୀ
କୋରାପୁଟ	ବୋରିଗୁମ୍ମା	ଚୋଲିଗୁଡ଼ା	ଗ୍ରାମାଞ୍ଚଳ	୧୮୧	୬୯	୦.୮	୦.୨୦	ରଘୁ ଗଦାରୀ, ପି. ପାଙ୍ଗୁଳ ଗଦାରୀ
କୋରାପୁଟ	ବୋରିଗୁମ୍ମା	ଚୋଲିଗୁଡ଼ା	ଗ୍ରାମାଞ୍ଚଳ	୧୮୨	୩୦୬	୨.୬୩	୦.୩୬	ରଘୁନାଥ ପାଢ଼ି, ନାଗସିଂହ ପାଢ଼ି, ପି. ନିରଜନ ପାଢ଼ି
କୋରାପୁଟ	ବୋରିଗୁମ୍ମା	ଚୋଲିଗୁଡ଼ା	ଗ୍ରାମାଞ୍ଚଳ	୧୮୮	୩୦	୨.୫୫	୦.୦୮	ରାମ ପରଜା, ପି. ଗ୍ରାମ ପରଜା
କୋରାପୁଟ	ବୋରିଗୁମ୍ମା	ଚୋଲିଗୁଡ଼ା	ଗ୍ରାମାଞ୍ଚଳ	୧୮୯	୫୦୬	୨.୬୫	୦.୦୨	ରାମ ପରଜା, ପି. ଗ୍ରାମ ପରଜା
କୋରାପୁଟ	ବୋରିଗୁମ୍ମା	ଚୋଲିଗୁଡ଼ା	ଗ୍ରାମାଞ୍ଚଳ	୧୯୨	୫୨	୨.୦୨	୦.୪୦	ରାଧି ପରଜା, ପି. ବିଷ୍ଣୁ ପରଜା
କୋରାପୁଟ	ବୋରିଗୁମ୍ମା	ଚୋଲିଗୁଡ଼ା	ଗ୍ରାମାଞ୍ଚଳ	୧୯୩	୬୩	୦.୫୫	୦.୨୦	ରଘୁଣ ଜାନି, ପି. ସମାରୁ ଜାନି
କୋରାପୁଟ	ବୋରିଗୁମ୍ମା	ଚୋଲିଗୁଡ଼ା	ଗ୍ରାମାଞ୍ଚଳ	୧୯୫	୩୦୦	୦.୯	୦.୨୦	ରଘୁଣ ଜାନି, ପି. ସମାରୁ ଜାନି
କୋରାପୁଟ	ବୋରିଗୁମ୍ମା	ଚୋଲିଗୁଡ଼ା	ଗ୍ରାମାଞ୍ଚଳ	୧୯୫	୩୩୫	୦.୫୧	୦.୧୫	ରଘୁଣ ଜାନି, ପି. ସମାରୁ ଜାନି
କୋରାପୁଟ	ବୋରିଗୁମ୍ମା	ଚୋଲିଗୁଡ଼ା	ଗ୍ରାମାଞ୍ଚଳ	୧୯୬	୯୬	୦.୫୩	୦.୨୦	ରାମ ଡଡ଼ ଜାନି, ପି. ଜଗନ୍ନାଥ ଜାନି
କୋରାପୁଟ	ବୋରିଗୁମ୍ମା	ଚୋଲିଗୁଡ଼ା	ଗ୍ରାମାଞ୍ଚଳ	୨୦୨	୩୬୬	୧.୫୩	୦.୩୨	ଲଙ୍କ ଜାନି, ପି. ସମାରୁ ଜାନି
କୋରାପୁଟ	ବୋରିଗୁମ୍ମା	ଚୋଲିଗୁଡ଼ା	ଗ୍ରାମାଞ୍ଚଳ	୨୦୩	୩୨	୫.୬୧	୧.୮୦	ଲଙ୍କ ଜାନି, ପି. ସମାରୁ ଜାନି
କୋରାପୁଟ	ବୋରିଗୁମ୍ମା	ଚୋଲିଗୁଡ଼ା	ଗ୍ରାମାଞ୍ଚଳ	୨୦୯	୬୩	୨.୦୦	୦.୩୩	ଲିଙ୍ଗରାଜ ନାୟକ, ପି. ଚୈତନ ନାୟକ
କୋରାପୁଟ	ବୋରିଗୁମ୍ମା	ଚୋଲିଗୁଡ଼ା	ଗ୍ରାମାଞ୍ଚଳ	୨୦୯	୬୭	୧.୫୬	୦.୫୫	ଲିଟି ଡମ, ପି. ଗେନୁଆ ଡମ
କୋରାପୁଟ	ବୋରିଗୁମ୍ମା	ଚୋଲିଗୁଡ଼ା	ଗ୍ରାମାଞ୍ଚଳ	୨୨୨	୬୯	୨.୦୨	୦.୫୫	ସର୍ଦ୍ଦ ଗଦାରୀ, ଲକ୍ଷ୍ମନ ଗଦାରୀ, ଲକ୍ଷ୍ମଣ ଗଦାରୀ, ପି. ଶୁକୁ ଗଦାରୀ
କୋରାପୁଟ	ବୋରିଗୁମ୍ମା	ଚୋଲିଗୁଡ଼ା	ଗ୍ରାମାଞ୍ଚଳ	୨୨୫	୫୫	୩.୫୦	୦.୫୦	ଶୁକ୍ରୁ ଗଦାରୀ, ପି. ଗୋବୁରୁ ଗଦାରୀ
କୋରାପୁଟ	ବୋରିଗୁମ୍ମା	ଚୋଲିଗୁଡ଼ା	ଗ୍ରାମାଞ୍ଚଳ	୨୨୫	୩୫	୨.୫୫	୦.୧୫	ଶୁକ୍ରୁ ଗଦାରୀ, ପି. ଗୋବୁରୁ ଗଦାରୀ
କୋରାପୁଟ	ବୋରିଗୁମ୍ମା	ଚୋଲିଗୁଡ଼ା	ଗ୍ରାମାଞ୍ଚଳ	୨୨୬	୬୬୬	୨.୦୯	୦.୪୦	ଶୁକୁର ଧାଙ୍ଗଡ଼ା ମାଝୀ, ପି. ପାଙ୍ଗୁଳ ଧାଙ୍ଗଡ଼ା ମାଝୀ
SEE NEXT
